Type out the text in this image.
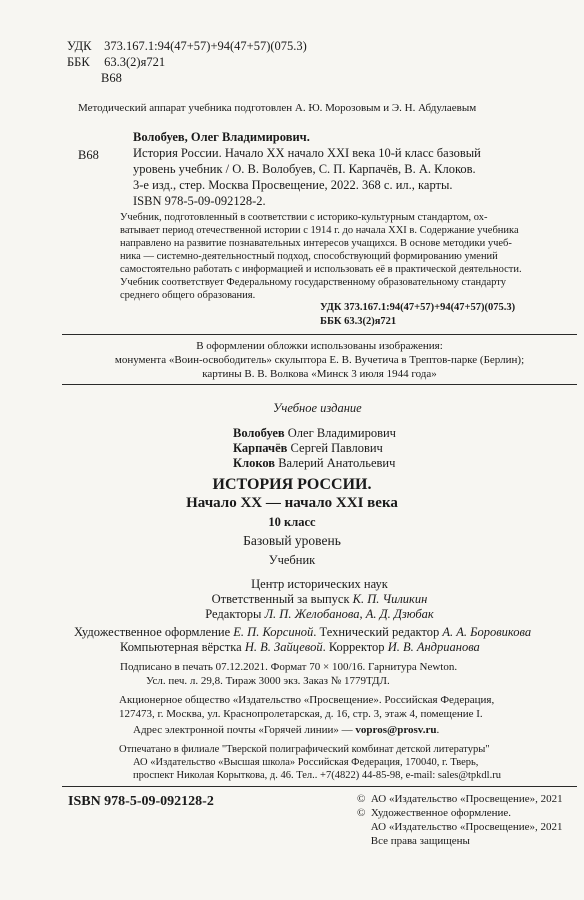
УДК 373.167.1:94(47+57)+94(47+57)(075.3)
ББК 63.3(2)я721
В68
Методический аппарат учебника подготовлен А. Ю. Морозовым и Э. Н. Абдулаевым
Волобуев, Олег Владимирович.
В68	История России. Начало XX начало XXI века 10-й класс базовый
уровень учебник / О. В. Волобуев, С. П. Карпачёв, В. А. Клоков.
3-е изд., стер. Москва Просвещение, 2022. 368 с. ил., карты.
ISBN 978-5-09-092128-2.
Учебник, подготовленный в соответствии с историко-культурным стандартом, ох-
ватывает период отечественной истории с 1914 г. до начала XXI в. Содержание учебника
направлено на развитие познавательных интересов учащихся. В основе методики учеб-
ника — системно-деятельностный подход, способствующий формированию умений
самостоятельно работать с информацией и использовать её в практической деятельности.
Учебник соответствует Федеральному государственному образовательному стандарту
среднего общего образования.
УДК 373.167.1:94(47+57)+94(47+57)(075.3)
ББК 63.3(2)я721
В оформлении обложки использованы изображения:
монумента «Воин-освободитель» скульптора Е. В. Вучетича в Трептов-парке (Берлин);
картины В. В. Волкова «Минск 3 июля 1944 года»
Учебное издание
Волобуев Олег Владимирович
Карпачёв Сергей Павлович
Клоков Валерий Анатольевич
ИСТОРИЯ РОССИИ.
Начало XX — начало XXI века
10 класс
Базовый уровень
Учебник
Центр исторических наук
Ответственный за выпуск К. П. Чиликин
Редакторы Л. П. Желобанова, А. Д. Дзюбак
Художественное оформление Е. П. Корсиной. Технический редактор А. А. Боровикова
Компьютерная вёрстка Н. В. Зайцевой. Корректор И. В. Андрианова
Подписано в печать 07.12.2021. Формат 70 × 100/16. Гарнитура Newton.
Усл. печ. л. 29,8. Тираж 3000 экз. Заказ № 1779ТДЛ.
Акционерное общество «Издательство «Просвещение». Российская Федерация,
127473, г. Москва, ул. Краснопролетарская, д. 16, стр. 3, этаж 4, помещение I.
Адрес электронной почты «Горячей линии» — vopros@prosv.ru.
Отпечатано в филиале "Тверской полиграфический комбинат детской литературы"
АО «Издательство «Высшая школа» Российская Федерация, 170040, г. Тверь,
проспект Николая Корыткова, д. 46. Тел.. +7(4822) 44-85-98, e-mail: sales@tpkdl.ru
ISBN 978-5-09-092128-2	©  АО «Издательство «Просвещение», 2021
©  Художественное оформление.
АО «Издательство «Просвещение», 2021
Все права защищены
